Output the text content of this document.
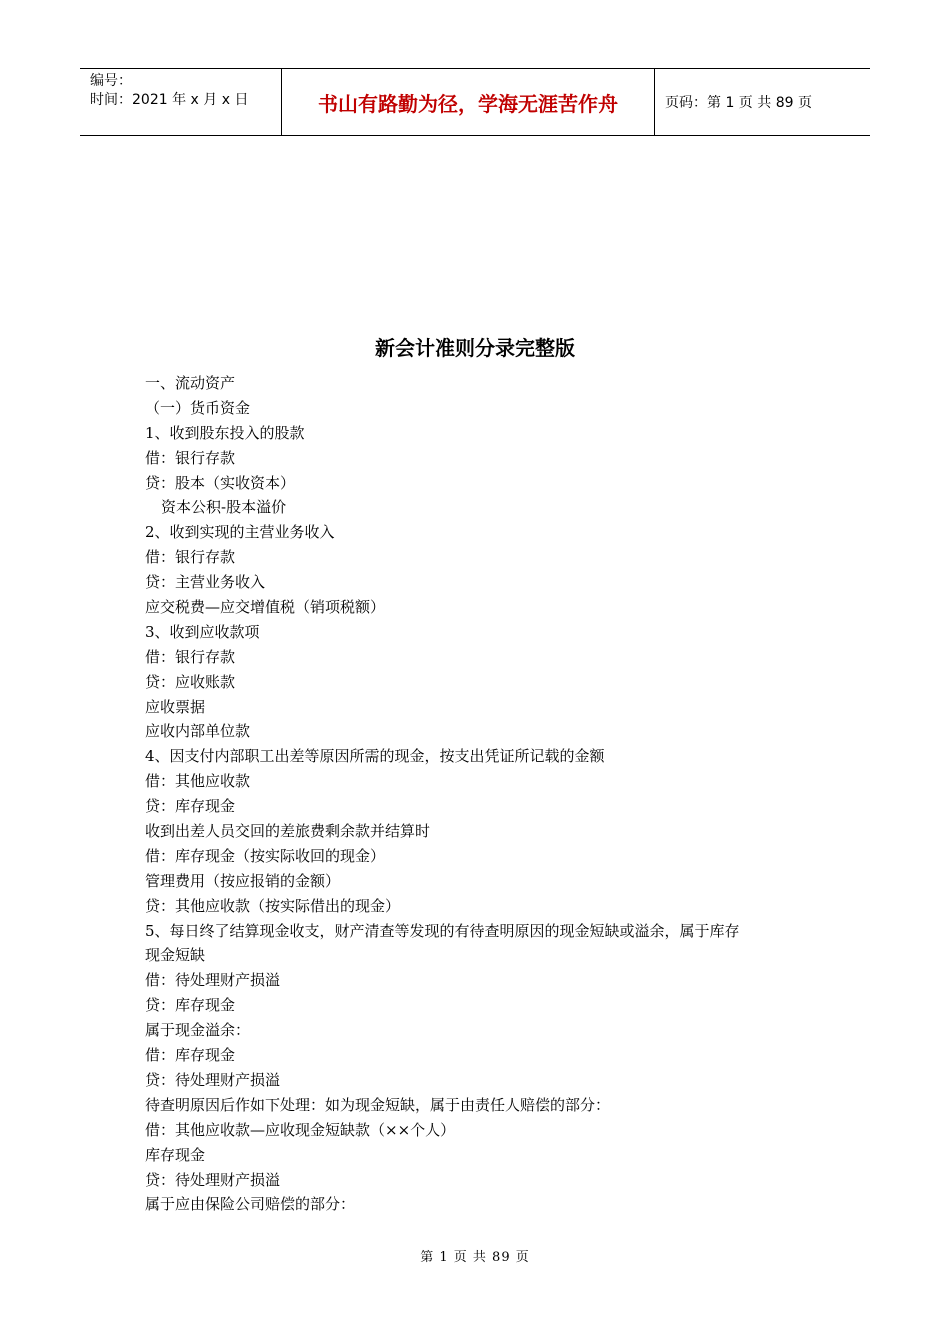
编号：
时间：2021 年 x 月 x 日	书山有路勤为径，学海无涯苦作舟	页码：第 1 页 共 89 页
新会计准则分录完整版
一、流动资产
（一）货币资金
1、收到股东投入的股款
借：银行存款
贷：股本（实收资本）
资本公积-股本溢价
2、收到实现的主营业务收入
借：银行存款
贷：主营业务收入
应交税费—应交增值税（销项税额）
3、收到应收款项
借：银行存款
贷：应收账款
应收票据
应收内部单位款
4、因支付内部职工出差等原因所需的现金，按支出凭证所记载的金额
借：其他应收款
贷：库存现金
收到出差人员交回的差旅费剩余款并结算时
借：库存现金（按实际收回的现金）
管理费用（按应报销的金额）
贷：其他应收款（按实际借出的现金）
5、每日终了结算现金收支，财产清查等发现的有待查明原因的现金短缺或溢余，属于库存
现金短缺
借：待处理财产损溢
贷：库存现金
属于现金溢余：
借：库存现金
贷：待处理财产损溢
待查明原因后作如下处理：如为现金短缺，属于由责任人赔偿的部分：
借：其他应收款—应收现金短缺款（××个人）
库存现金
贷：待处理财产损溢
属于应由保险公司赔偿的部分：
第 1 页 共 89 页
